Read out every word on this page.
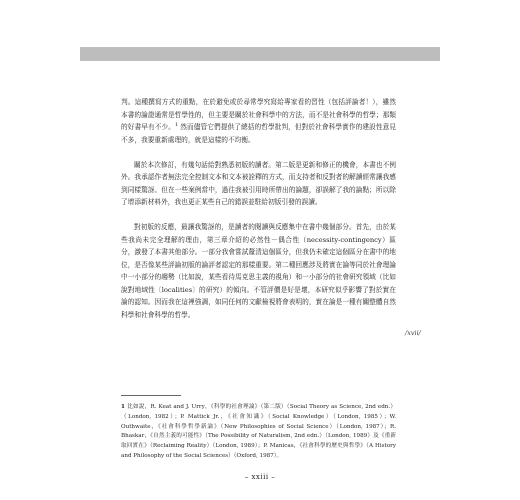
判。這種撰寫方式的重點，在於避免或於尋常學究寫給專家看的習性（包括評論者！），雖然本書的論證通常是哲學性的，但主要是關於社會科學中的方法，而不是社會科學的哲學；那類的好書早有不少。$^1$ 然而儘管它們提供了總括的哲學批判，但對於社會科學實作的建設性意見不多，我要重新處理的，就是這樣的不均衡。

關於本次修訂，有幾句話給對熟悉初版的讀者。第二版是更新和修正的機會，本書也不例外。我承認作者無法完全控制文本和文本被詮釋的方式，而支持者和反對者的解讀經常讓我感到同樣驚訝。但在一些案例當中，過往我被引用時所帶出的論題，卻誤解了我的論點；所以除了增添新材料外，我也更正某些自己的錯誤並駐給初版引發的誤讀。

對初版的反應，最讓我驚訝的，是讀者的閱讀與反應集中在書中幾個部分。首先，由於某些我尚未完全理解的理由，第三章介紹的必然性－偶合性（necessity-contingency）區分，激發了本書其他部分。一部分我會嘗試釐清這個區分，但我仍未確定這個區分在書中的地位，是否像某些評論初版的論評者認定的那樣重要。第二種回應涉及將實在論等同於社會理論中一小部分的趨勢（比如說，某些看待馬克思主義的視角）和一小部分的社會研究領域（比如說對地域性〔localities〕的研究）的傾向。不管評價是好是壞，本研究似乎影響了對於實在論的認知。因而我在這裡強調，如同任何的文獻檢視將會表明的，實在論是一種有關整體自然科學和社會科學的哲學。

/xvii/
1 比如說，R. Keat and J. Urry，《科學的社會理論》（第二版）（Social Theory as Science, 2nd edn.）（London, 1982）；P. Mattick Jr.，《社會知識》（Social Knowledge）（London, 1985）；W. Outhwaite，《社會科學哲學新論》（New Philosophies of Social Science）（London, 1987）；R. Bhaskar，《自然主義的可能性》（The Possibility of Naturalism, 2nd edn.）（London, 1989）及《重新取回實在》（Reclaiming Reality）（London, 1989）；P. Manicas，《社會科學的歷史與哲學》（A History and Philosophy of the Social Sciences）（Oxford, 1987）。
– xxiii –
